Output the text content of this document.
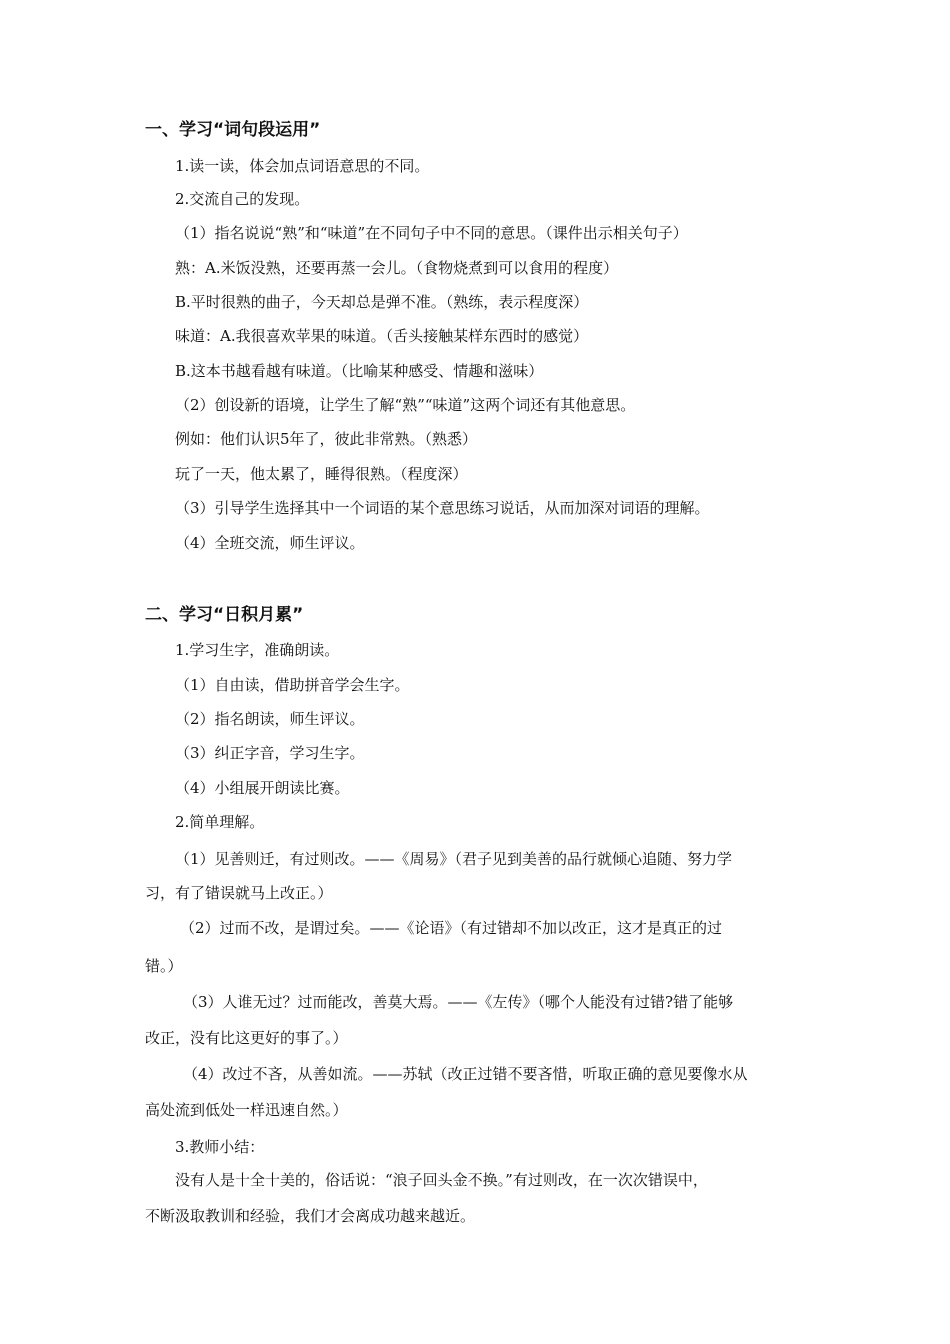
一、学习“词句段运用”
1.读一读，体会加点词语意思的不同。
2.交流自己的发现。
（1）指名说说“熟”和“味道”在不同句子中不同的意思。（课件出示相关句子）
熟：A.米饭没熟，还要再蒸一会儿。（食物烧煮到可以食用的程度）
B.平时很熟的曲子，今天却总是弹不准。（熟练，表示程度深）
味道：A.我很喜欢苹果的味道。（舌头接触某样东西时的感觉）
B.这本书越看越有味道。（比喻某种感受、情趣和滋味）
（2）创设新的语境，让学生了解“熟”“味道”这两个词还有其他意思。
例如：他们认识5年了，彼此非常熟。（熟悉）
玩了一天，他太累了，睡得很熟。（程度深）
（3）引导学生选择其中一个词语的某个意思练习说话，从而加深对词语的理解。
（4）全班交流，师生评议。
二、学习“日积月累”
1.学习生字，准确朗读。
（1）自由读，借助拼音学会生字。
（2）指名朗读，师生评议。
（3）纠正字音，学习生字。
（4）小组展开朗读比赛。
2.简单理解。
（1）见善则迁，有过则改。——《周易》（君子见到美善的品行就倾心追随、努力学
习，有了错误就马上改正。）
（2）过而不改，是谓过矣。——《论语》（有过错却不加以改正，这才是真正的过
错。）
（3）人谁无过？过而能改，善莫大焉。——《左传》（哪个人能没有过错?错了能够
改正，没有比这更好的事了。）
（4）改过不吝，从善如流。——苏轼（改正过错不要吝惜，听取正确的意见要像水从
高处流到低处一样迅速自然。）
3.教师小结：
没有人是十全十美的，俗话说：“浪子回头金不换。”有过则改，在一次次错误中，
不断汲取教训和经验，我们才会离成功越来越近。
